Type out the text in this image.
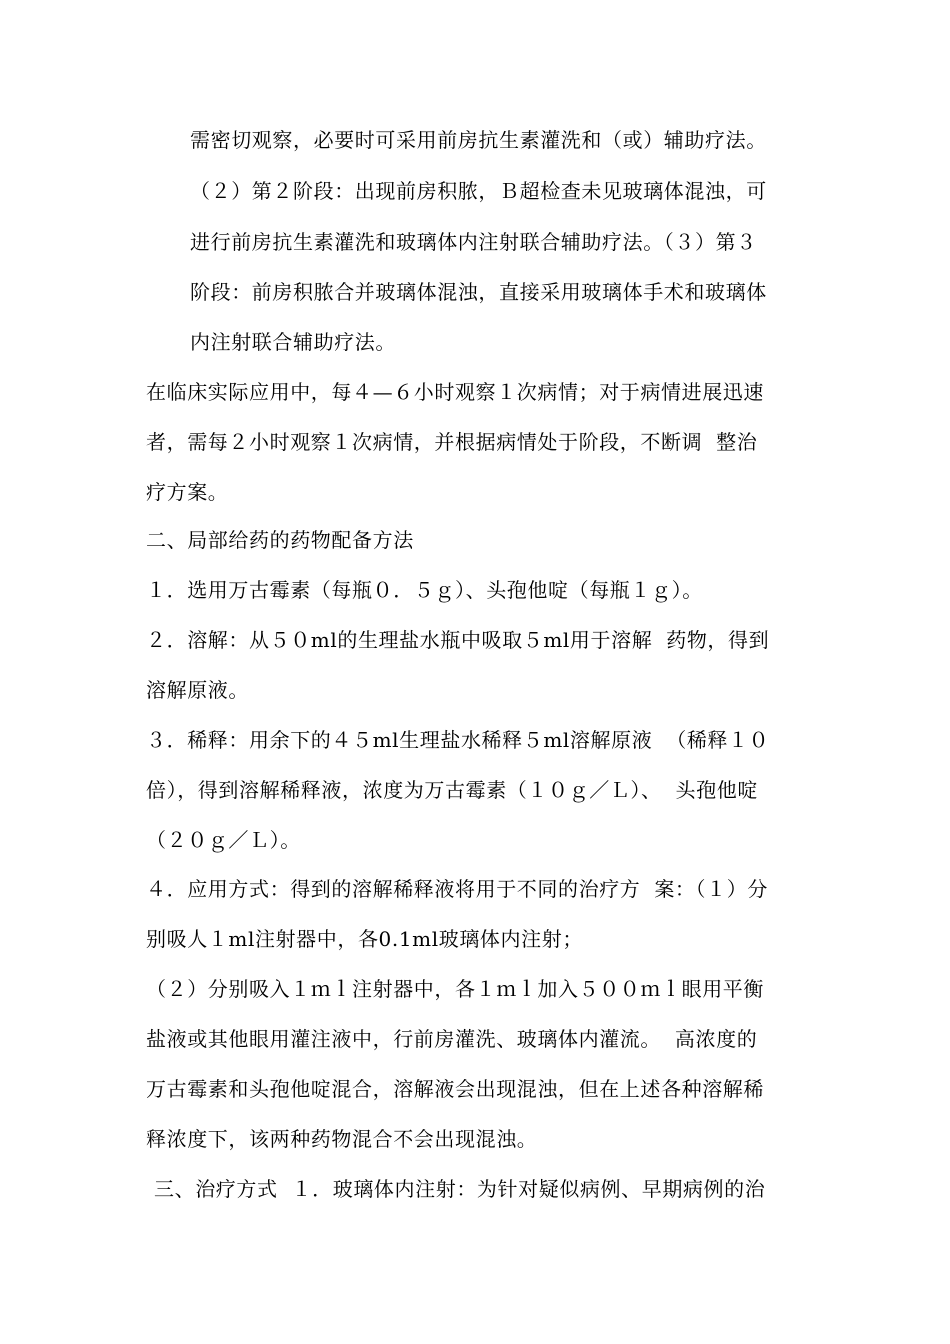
需密切观察，必要时可采用前房抗生素灌洗和（或）辅助疗法。
（２）第２阶段：出现前房积脓，Ｂ超检查未见玻璃体混浊，可
进行前房抗生素灌洗和玻璃体内注射联合辅助疗法。（３）第３
阶段：前房积脓合并玻璃体混浊，直接采用玻璃体手术和玻璃体
内注射联合辅助疗法。
在临床实际应用中，每４—６小时观察１次病情；对于病情进展迅速
者，需每２小时观察１次病情，并根据病情处于阶段，不断调  整治
疗方案。
二、局部给药的药物配备方法
１．选用万古霉素（每瓶０．５ｇ）、头孢他啶（每瓶１ｇ）。
２．溶解：从５０ml的生理盐水瓶中吸取５ml用于溶解  药物，得到
溶解原液。
３．稀释：用余下的４５ml生理盐水稀释５ml溶解原液  （稀释１０
倍），得到溶解稀释液，浓度为万古霉素（１０ｇ／Ｌ）、  头孢他啶
（２０ｇ／Ｌ）。
４．应用方式：得到的溶解稀释液将用于不同的治疗方  案：（１）分
别吸人１ml注射器中，各0.1ml玻璃体内注射；
（２）分别吸入１ｍｌ注射器中，各１ｍｌ加入５００ｍｌ眼用平衡
盐液或其他眼用灌注液中，行前房灌洗、玻璃体内灌流。  高浓度的
万古霉素和头孢他啶混合，溶解液会出现混浊，但在上述各种溶解稀
释浓度下，该两种药物混合不会出现混浊。
三、治疗方式  １．玻璃体内注射：为针对疑似病例、早期病例的治
